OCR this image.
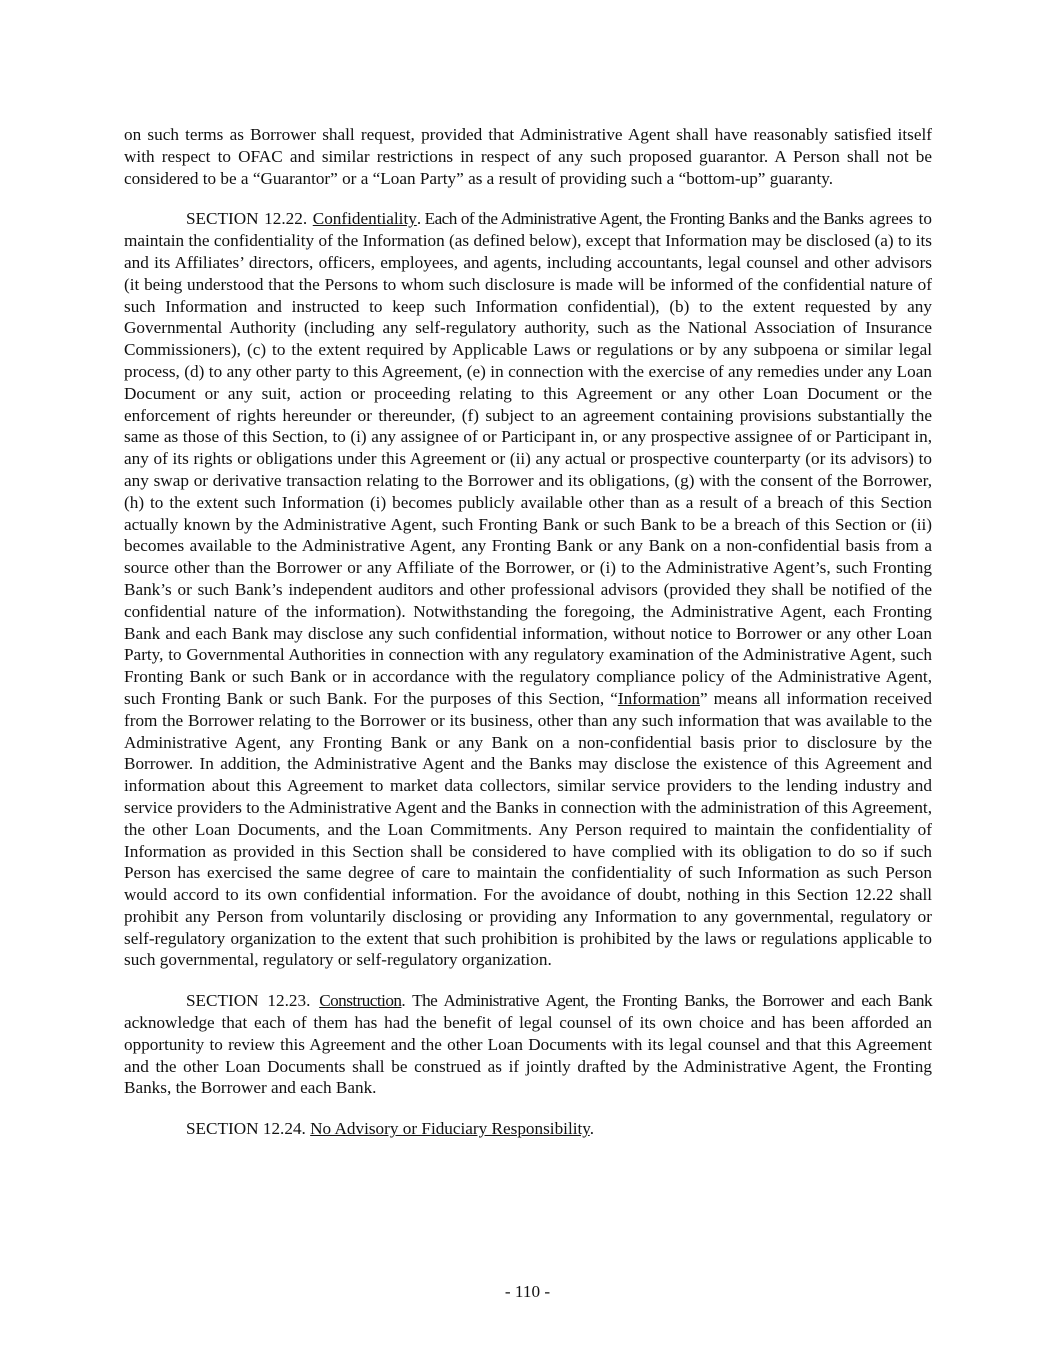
on such terms as Borrower shall request, provided that Administrative Agent shall have reasonably satisfied itself with respect to OFAC and similar restrictions in respect of any such proposed guarantor. A Person shall not be considered to be a “Guarantor” or a “Loan Party” as a result of providing such a “bottom-up” guaranty.

SECTION 12.22. Confidentiality. Each of the Administrative Agent, the Fronting Banks and the Banks agrees to maintain the confidentiality of the Information (as defined below), except that Information may be disclosed (a) to its and its Affiliates’ directors, officers, employees, and agents, including accountants, legal counsel and other advisors (it being understood that the Persons to whom such disclosure is made will be informed of the confidential nature of such Information and instructed to keep such Information confidential), (b) to the extent requested by any Governmental Authority (including any self-regulatory authority, such as the National Association of Insurance Commissioners), (c) to the extent required by Applicable Laws or regulations or by any subpoena or similar legal process, (d) to any other party to this Agreement, (e) in connection with the exercise of any remedies under any Loan Document or any suit, action or proceeding relating to this Agreement or any other Loan Document or the enforcement of rights hereunder or thereunder, (f) subject to an agreement containing provisions substantially the same as those of this Section, to (i) any assignee of or Participant in, or any prospective assignee of or Participant in, any of its rights or obligations under this Agreement or (ii) any actual or prospective counterparty (or its advisors) to any swap or derivative transaction relating to the Borrower and its obligations, (g) with the consent of the Borrower, (h) to the extent such Information (i) becomes publicly available other than as a result of a breach of this Section actually known by the Administrative Agent, such Fronting Bank or such Bank to be a breach of this Section or (ii) becomes available to the Administrative Agent, any Fronting Bank or any Bank on a non-confidential basis from a source other than the Borrower or any Affiliate of the Borrower, or (i) to the Administrative Agent’s, such Fronting Bank’s or such Bank’s independent auditors and other professional advisors (provided they shall be notified of the confidential nature of the information). Notwithstanding the foregoing, the Administrative Agent, each Fronting Bank and each Bank may disclose any such confidential information, without notice to Borrower or any other Loan Party, to Governmental Authorities in connection with any regulatory examination of the Administrative Agent, such Fronting Bank or such Bank or in accordance with the regulatory compliance policy of the Administrative Agent, such Fronting Bank or such Bank. For the purposes of this Section, “Information” means all information received from the Borrower relating to the Borrower or its business, other than any such information that was available to the Administrative Agent, any Fronting Bank or any Bank on a non-confidential basis prior to disclosure by the Borrower. In addition, the Administrative Agent and the Banks may disclose the existence of this Agreement and information about this Agreement to market data collectors, similar service providers to the lending industry and service providers to the Administrative Agent and the Banks in connection with the administration of this Agreement, the other Loan Documents, and the Loan Commitments. Any Person required to maintain the confidentiality of Information as provided in this Section shall be considered to have complied with its obligation to do so if such Person has exercised the same degree of care to maintain the confidentiality of such Information as such Person would accord to its own confidential information. For the avoidance of doubt, nothing in this Section 12.22 shall prohibit any Person from voluntarily disclosing or providing any Information to any governmental, regulatory or self-regulatory organization to the extent that such prohibition is prohibited by the laws or regulations applicable to such governmental, regulatory or self-regulatory organization.

SECTION 12.23. Construction. The Administrative Agent, the Fronting Banks, the Borrower and each Bank acknowledge that each of them has had the benefit of legal counsel of its own choice and has been afforded an opportunity to review this Agreement and the other Loan Documents with its legal counsel and that this Agreement and the other Loan Documents shall be construed as if jointly drafted by the Administrative Agent, the Fronting Banks, the Borrower and each Bank.

SECTION 12.24. No Advisory or Fiduciary Responsibility.

- 110 -
